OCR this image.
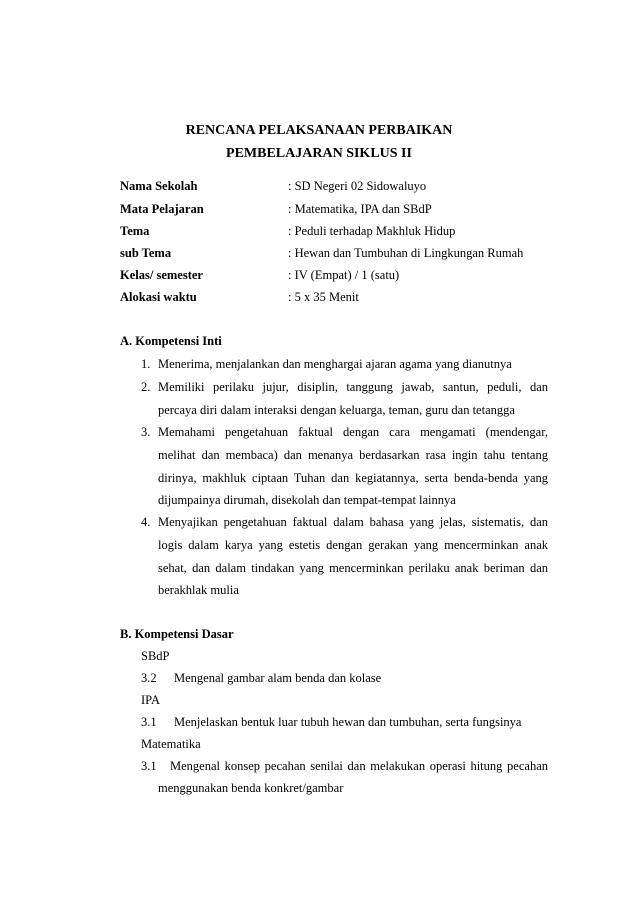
RENCANA PELAKSANAAN PERBAIKAN
PEMBELAJARAN SIKLUS II
Nama Sekolah	: SD Negeri 02 Sidowaluyo
Mata Pelajaran	: Matematika, IPA dan SBdP
Tema	: Peduli terhadap Makhluk Hidup
sub Tema	: Hewan dan Tumbuhan di Lingkungan Rumah
Kelas/ semester	: IV (Empat) / 1 (satu)
Alokasi waktu	: 5 x 35 Menit
A. Kompetensi Inti
1. Menerima, menjalankan dan menghargai ajaran agama yang dianutnya
2. Memiliki perilaku jujur, disiplin, tanggung jawab, santun, peduli, dan
percaya diri dalam interaksi dengan keluarga, teman, guru dan tetangga
3. Memahami pengetahuan faktual dengan cara mengamati (mendengar,
melihat dan membaca) dan menanya berdasarkan rasa ingin tahu tentang
dirinya, makhluk ciptaan Tuhan dan kegiatannya, serta benda-benda yang
dijumpainya dirumah, disekolah dan tempat-tempat lainnya
4. Menyajikan pengetahuan faktual dalam bahasa yang jelas, sistematis, dan
logis dalam karya yang estetis dengan gerakan yang mencerminkan anak
sehat, dan dalam tindakan yang mencerminkan perilaku anak beriman dan
berakhlak mulia
B. Kompetensi Dasar
SBdP
3.2 Mengenal gambar alam benda dan kolase
IPA
3.1 Menjelaskan bentuk luar tubuh hewan dan tumbuhan, serta fungsinya
Matematika
3.1 Mengenal konsep pecahan senilai dan melakukan operasi hitung pecahan
menggunakan benda konkret/gambar
